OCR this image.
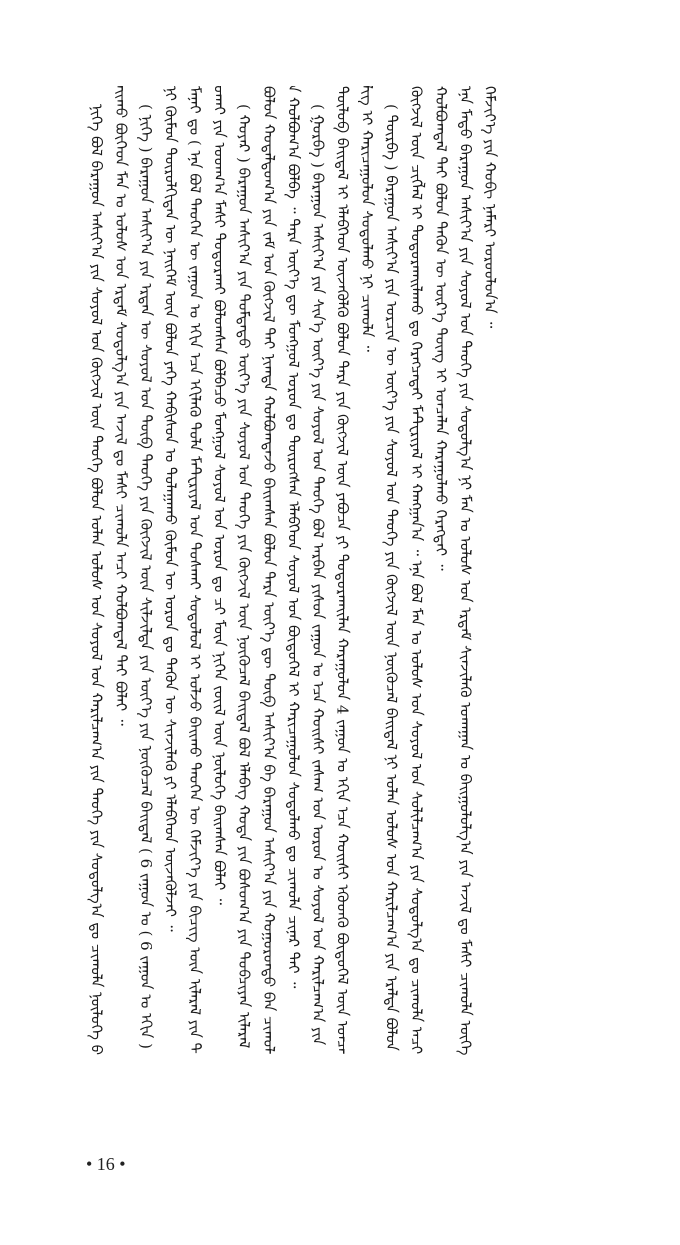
ᠨᠢᠭᠡ ᠪᠣᠯ ᠪᠠᠷᠠᠭᠤᠨ ᠠᠰᠢᠶ᠎ᠠ ᠶᠢᠨ ᠰᠤᠶᠤᠯ ᠤᠨ ᠬᠥᠭᠵᠢᠯ ᠦᠨ ᠲᠡᠦᠬᠡ ᠪᠣᠯᠣᠨ ᠣᠯᠠᠨ ᠤᠯᠤᠰ ᠤᠨ ᠰᠤᠶᠤᠯ ᠤᠨ ᠬᠠᠷᠢᠯᠴᠠᠭ᠎ᠠ ᠶᠢᠨ ᠲᠡᠦᠬᠡ ᠶᠢᠨ ᠰᠤᠳᠤᠯᠭ᠎ᠠ ᠳᠤ ᠴᠢᠬᠤᠯᠠ ᠨᠥᠯᠦᠭᠡ ᠪᠠᠢᠬᠤ ᠪᠥᠭᠡᠳ ᠮᠠᠨ ᠤ ᠤᠯᠤᠰ ᠤᠨ ᠡᠷᠳᠡᠮ ᠰᠤᠳᠤᠯᠭ᠎ᠠ ᠶᠢᠨ ᠠᠵᠢᠯ ᠳᠤ ᠮᠠᠰᠢ ᠴᠢᠬᠤᠯᠠ ᠠᠴᠢ ᠬᠣᠯᠪᠣᠭᠳᠠᠯ ᠲᠠᠢ ᠪᠣᠯᠠᠢ ᠃ ( ᠨᠢᠭᠡ ) ᠪᠠᠷᠠᠭᠤᠨ ᠠᠰᠢᠶ᠎ᠠ ᠶᠢᠨ ᠡᠷᠲᠡᠨ ᠦ ᠰᠤᠶᠤᠯ ᠤᠨ ᠲᠥᠪ ᠲᠡᠦᠬᠡ ᠶᠢᠨ ᠬᠥᠭᠵᠢᠯ ᠦᠨ ᠰᠢᠯᠵᠢᠯᠲᠡ ᠶᠢᠨ ᠦᠶ᠎ᠡ ᠶᠢᠨ ᠨᠥᠬᠥᠴᠡᠯ ᠪᠠᠢᠳᠠᠯ ( 6 ᠵᠠᠭᠤᠨ ᠤ ( 6 ᠵᠠᠭᠤᠨ ᠤ ᠡᠬᠢᠨ ) ᠨᠢ ᠬᠦᠮᠦᠨ ᠲᠥᠷᠥᠯᠬᠢᠲᠡᠨ ᠦ ᠨᠡᠢᠭᠡᠮ ᠦᠨ ᠪᠣᠯᠣᠨ ᠶᠡᠬᠡ ᠬᠠᠪᠢᠰᠤᠨ ᠤ ᠲᠤᠯᠠᠭᠠᠬᠤ ᠬᠦᠮᠦᠨ ᠦ ᠣᠷᠣᠨ ᠳᠤ ᠲᠡᠭᠦᠨ ᠦ ᠰᠢᠨᠵᠢᠯᠡᠬᠦ ᠶᠢ ᠡᠯᠡᠪᠭᠡᠳ ᠦᠵᠡᠭᠦᠯᠵᠡᠢ ᠃ ᠮᠠᠨᠠᠢ ᠳᠤ ( ᠡᠨᠡ ᠪᠣᠯ ᠲᠡᠦᠬᠡᠨ ᠦ ᠵᠠᠭᠤᠨ ᠤ ᠡᠬᠢᠨ ᠡᠴᠡ ᠡᠬᠢᠯᠡᠬᠦ ᠲᠤᠯᠠ ᠮᠠᠲ᠋ᠧᠷᠢᠶᠠᠯ ᠤᠨ ᠲᠤᠰᠬᠠᠢ ᠰᠤᠳᠤᠯᠤᠯ ᠢ ᠣᠯᠵᠤ ᠪᠠᠢᠬᠤ ᠲᠡᠦᠬᠡᠨ ᠦ ᠬᠡᠮᠵᠢᠶ᠎ᠡ ᠶᠢᠨ ᠪᠢᠴᠢᠭ ᠦᠨ ᠢᠯᠡᠷᠡᠯ ᠶᠢᠨ ᠲᠤᠬᠠᠢ ᠶᠢᠨ ᠤᠳᠬ᠎ᠠ ᠮᠠᠰᠢ ᠲᠣᠳᠣᠷᠬᠠᠢ ᠪᠣᠯᠤᠭᠰᠠᠨ ᠪᠣᠯᠪᠠᠴᠤ ᠮᠣᠩᠭᠣᠯ ᠰᠤᠶᠤᠯ ᠤᠨ ᠣᠷᠣᠨ ᠳᠤ ᠴᠢ ᠮᠥᠨ ᠨᠢᠭᠡᠨ ᠵᠦᠢᠯ ᠦᠨ ᠨᠥᠯᠦᠭᠡ ᠪᠠᠢᠭᠰᠠᠨ ᠪᠣᠯᠠᠢ ᠃ ( ᠬᠣᠶᠠᠷ ) ᠪᠠᠷᠠᠭᠤᠨ ᠠᠰᠢᠶ᠎ᠠ ᠶᠢᠨ ᠳᠤᠮᠳᠠᠳᠤ ᠦᠶ᠎ᠡ ᠶᠢᠨ ᠰᠤᠶᠤᠯ ᠤᠨ ᠲᠡᠦᠬᠡ ᠶᠢᠨ ᠬᠥᠭᠵᠢᠯ ᠦᠨ ᠨᠥᠬᠥᠴᠡᠯ ᠪᠠᠢᠳᠠᠯ ᠪᠣᠯ ᠡᠯᠡᠪᠡᠭ ᠬᠣᠳᠠ ᠶᠢᠨ ᠪᠣᠰᠤᠭ᠎ᠠ ᠶᠢᠨ ᠲᠣᠪᠴᠢᠶᠠᠨ ᠢᠯᠡᠷᠡᠯ ᠪᠣᠯᠤᠨ ᠬᠤᠳᠠᠯᠳᠤᠭ᠎ᠠ ᠶᠢᠨ ᠵᠠᠮ ᠤᠨ ᠬᠥᠭᠵᠢᠯ ᠲᠡᠢ ᠨᠢᠭᠲᠠ ᠬᠣᠯᠪᠣᠭᠳᠠᠵᠤ ᠪᠠᠢᠭᠰᠠᠨ ᠪᠣᠯᠣᠨ ᠲᠡᠷᠡ ᠦᠶ᠎ᠡ ᠳᠦ ᠲᠥᠪ ᠠᠰᠢᠶ᠎ᠠ ᠪᠠ ᠪᠠᠷᠠᠭᠤᠨ ᠠᠰᠢᠶ᠎ᠠ ᠶᠢᠨ ᠬᠣᠭᠣᠷᠤᠨᠳᠤ ᠪᠠᠨ ᠴᠢᠬᠤᠯᠠ ᠬᠣᠯᠪᠣᠭ᠎ᠠ ᠪᠣᠯᠪᠠ ᠃ ᠲᠡᠷᠡ ᠦᠶ᠎ᠡ ᠳᠦ ᠮᠣᠩᠭᠣᠯ ᠣᠷᠣᠨ ᠳᠤ ᠲᠦᠷᠦᠭᠰᠡᠨ ᠡᠯᠡᠪᠭᠡᠳ ᠰᠤᠶᠤᠯ ᠤᠨ ᠪᠦᠲᠦᠭᠡᠯ ᠢ ᠬᠠᠷᠢᠴᠠᠭᠤᠯᠤᠨ ᠰᠤᠳᠤᠯᠬᠤ ᠳᠤ ᠴᠢᠬᠤᠯᠠ ᠴᠢᠨᠠᠷ ᠲᠠᠢ ᠃ ( ᠭᠤᠷᠪᠠ ) ᠪᠠᠷᠠᠭᠤᠨ ᠠᠰᠢᠶ᠎ᠠ ᠶᠢᠨ ᠰᠢᠨ᠎ᠡ ᠦᠶ᠎ᠡ ᠶᠢᠨ ᠰᠤᠶᠤᠯ ᠤᠨ ᠲᠡᠦᠬᠡ ᠪᠣᠯ ᠠᠷᠪᠠᠨ ᠶᠢᠰᠦᠨ ᠵᠠᠭᠤᠨ ᠤ ᠡᠴᠡ ᠬᠣᠢᠰᠢ ᠵᠠᠰᠠᠭ ᠤᠨ ᠣᠷᠣᠨ ᠤ ᠰᠤᠶᠤᠯ ᠤᠨ ᠬᠠᠷᠢᠯᠴᠠᠭ᠎ᠠ ᠶᠢᠨ ᠲᠥᠯᠥᠪ ᠪᠠᠢᠳᠠᠯ ᠢ ᠡᠯᠡᠪᠭᠡᠳ ᠦᠵᠡᠭᠦᠯᠬᠦ ᠪᠣᠯᠣᠨ ᠲᠡᠷᠡ ᠶᠢᠨ ᠬᠥᠭᠵᠢᠯ ᠦᠨ ᠶᠠᠪᠤᠴᠠ ᠶᠢ ᠲᠣᠳᠣᠷᠬᠠᠢᠯᠠᠨ ᠬᠠᠷᠠᠭᠤᠯᠤᠨ 4 ᠵᠠᠭᠤᠨ ᠤ ᠡᠬᠢᠨ ᠡᠴᠡ ᠬᠣᠢᠰᠢ ᠡᠭᠦᠳᠬᠦ ᠪᠦᠲᠦᠭᠡᠯ ᠦᠨ ᠣᠨᠴᠠᠯᠢᠭ ᠢ ᠬᠠᠷᠢᠴᠠᠭᠤᠯᠤᠨ ᠰᠤᠳᠤᠯᠬᠤ ᠨᠢ ᠴᠢᠬᠤᠯᠠ ᠃ ( ᠳᠥᠷᠪᠡ ) ᠪᠠᠷᠠᠭᠤᠨ ᠠᠰᠢᠶ᠎ᠠ ᠶᠢᠨ ᠣᠷᠴᠢᠨ ᠦ ᠦᠶ᠎ᠡ ᠶᠢᠨ ᠰᠤᠶᠤᠯ ᠤᠨ ᠲᠡᠦᠬᠡ ᠶᠢᠨ ᠬᠥᠭᠵᠢᠯ ᠦᠨ ᠨᠥᠬᠥᠴᠡᠯ ᠪᠠᠢᠳᠠᠯ ᠨᠢ ᠣᠯᠠᠨ ᠤᠯᠤᠰ ᠤᠨ ᠬᠠᠷᠢᠯᠴᠠᠭ᠎ᠠ ᠶᠢᠨ ᠡᠷᠡᠯᠲᠡ ᠪᠣᠯᠣᠨ ᠬᠥᠭᠵᠢᠯ ᠦᠨ ᠴᠢᠭᠯᠡᠯ ᠢ ᠲᠣᠳᠣᠷᠬᠠᠢᠯᠠᠬᠤ ᠳᠤ ᠬᠡᠷᠡᠭᠴᠡᠲᠡᠢ ᠮᠠᠲ᠋ᠧᠷᠢᠶᠠᠯ ᠢ ᠬᠠᠩᠭᠠᠨ᠎ᠠ ᠃ ᠡᠨᠡ ᠪᠣᠯ ᠮᠠᠨ ᠤ ᠤᠯᠤᠰ ᠤᠨ ᠰᠤᠶᠤᠯ ᠤᠨ ᠰᠣᠯᠢᠯᠴᠠᠭ᠎ᠠ ᠶᠢᠨ ᠰᠤᠳᠤᠯᠭ᠎ᠠ ᠳᠤ ᠴᠢᠬᠤᠯᠠ ᠠᠴᠢ ᠬᠣᠯᠪᠣᠭᠳᠠᠯ ᠲᠠᠢ ᠪᠣᠯᠤᠨ ᠲᠡᠭᠦᠨ ᠦ ᠦᠷ᠎ᠡ ᠳᠦᠩ ᠢ ᠣᠨᠴᠠᠯᠠᠨ ᠬᠠᠷᠠᠭᠤᠯᠬᠤ ᠬᠡᠷᠡᠭᠲᠡᠢ ᠃ ᠡᠨᠡ ᠮᠡᠲᠦ ᠪᠠᠷᠠᠭᠤᠨ ᠠᠰᠢᠶ᠎ᠠ ᠶᠢᠨ ᠰᠤᠶᠤᠯ ᠤᠨ ᠲᠡᠦᠬᠡ ᠶᠢᠨ ᠰᠤᠳᠤᠯᠭ᠎ᠠ ᠨᠢ ᠮᠠᠨ ᠤ ᠤᠯᠤᠰ ᠤᠨ ᠡᠷᠳᠡᠮ ᠰᠢᠨᠵᠢᠯᠡᠬᠦ ᠤᠬᠠᠭᠠᠨ ᠤ ᠪᠠᠢᠭᠤᠯᠤᠯᠭ᠎ᠠ ᠶᠢᠨ ᠠᠵᠢᠯ ᠳᠤ ᠮᠠᠰᠢ ᠴᠢᠬᠤᠯᠠ ᠦᠬᠡ ᠬᠡᠮᠵᠢᠶ᠎ᠡ ᠶᠢᠨ ᠬᠤᠪᠢ ᠨᠡᠮᠡᠷᠢ ᠣᠷᠤᠤᠯᠤᠨ᠎ᠠ ᠃

• 16 •
